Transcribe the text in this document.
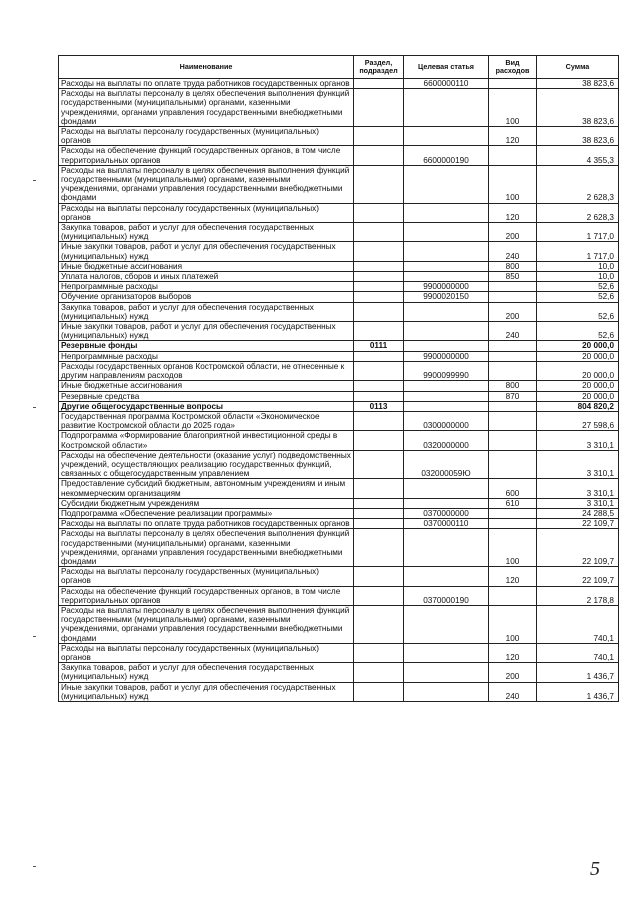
Наименование	Раздел, подраздел	Целевая статья	Вид расходов	Сумма
Расходы на выплаты по оплате труда работников государственных органов		6600000110		38 823,6
Расходы на выплаты персоналу в целях обеспечения выполнения функций государственными (муниципальными) органами, казенными учреждениями, органами управления государственными внебюджетными фондами			100	38 823,6
Расходы на выплаты персоналу государственных (муниципальных) органов			120	38 823,6
Расходы на обеспечение функций государственных органов, в том числе территориальных органов		6600000190		4 355,3
Расходы на выплаты персоналу в целях обеспечения выполнения функций государственными (муниципальными) органами, казенными учреждениями, органами управления государственными внебюджетными фондами			100	2 628,3
Расходы на выплаты персоналу государственных (муниципальных) органов			120	2 628,3
Закупка товаров, работ и услуг для обеспечения государственных (муниципальных) нужд			200	1 717,0
Иные закупки товаров, работ и услуг для обеспечения государственных (муниципальных) нужд			240	1 717,0
Иные бюджетные ассигнования			800	10,0
Уплата налогов, сборов и иных платежей			850	10,0
Непрограммные расходы		9900000000		52,6
Обучение организаторов выборов		9900020150		52,6
Закупка товаров, работ и услуг для обеспечения государственных (муниципальных) нужд			200	52,6
Иные закупки товаров, работ и услуг для обеспечения государственных (муниципальных) нужд			240	52,6
Резервные фонды	0111			20 000,0
Непрограммные расходы		9900000000		20 000,0
Расходы государственных органов Костромской области, не отнесенные к другим направлениям расходов		9900099990		20 000,0
Иные бюджетные ассигнования			800	20 000,0
Резервные средства			870	20 000,0
Другие общегосударственные вопросы	0113			804 820,2
Государственная программа Костромской области «Экономическое развитие Костромской области до 2025 года»		0300000000		27 598,6
Подпрограмма «Формирование благоприятной инвестиционной среды в Костромской области»		0320000000		3 310,1
Расходы на обеспечение деятельности (оказание услуг) подведомственных учреждений, осуществляющих реализацию государственных функций, связанных с общегосударственным управлением		032000059Ю		3 310,1
Предоставление субсидий бюджетным, автономным учреждениям и иным некоммерческим организациям			600	3 310,1
Субсидии бюджетным учреждениям			610	3 310,1
Подпрограмма «Обеспечение реализации программы»		0370000000		24 288,5
Расходы на выплаты по оплате труда работников государственных органов		0370000110		22 109,7
Расходы на выплаты персоналу в целях обеспечения выполнения функций государственными (муниципальными) органами, казенными учреждениями, органами управления государственными внебюджетными фондами			100	22 109,7
Расходы на выплаты персоналу государственных (муниципальных) органов			120	22 109,7
Расходы на обеспечение функций государственных органов, в том числе территориальных органов		0370000190		2 178,8
Расходы на выплаты персоналу в целях обеспечения выполнения функций государственными (муниципальными) органами, казенными учреждениями, органами управления государственными внебюджетными фондами			100	740,1
Расходы на выплаты персоналу государственных (муниципальных) органов			120	740,1
Закупка товаров, работ и услуг для обеспечения государственных (муниципальных) нужд			200	1 436,7
Иные закупки товаров, работ и услуг для обеспечения государственных (муниципальных) нужд			240	1 436,7
5
